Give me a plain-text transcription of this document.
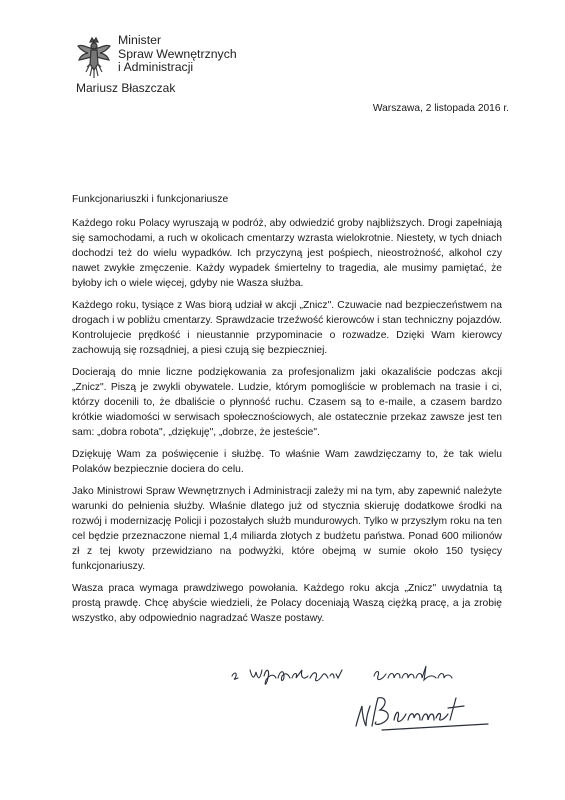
Minister
Spraw Wewnętrznych
i Administracji
Mariusz Błaszczak
Warszawa, 2 listopada 2016 r.
Funkcjonariuszki i funkcjonariusze

Każdego roku Polacy wyruszają w podróż, aby odwiedzić groby najbliższych. Drogi zapełniają się samochodami, a ruch w okolicach cmentarzy wzrasta wielokrotnie. Niestety, w tych dniach dochodzi też do wielu wypadków. Ich przyczyną jest pośpiech, nieostrożność, alkohol czy nawet zwykłe zmęczenie. Każdy wypadek śmiertelny to tragedia, ale musimy pamiętać, że byłoby ich o wiele więcej, gdyby nie Wasza służba.

Każdego roku, tysiące z Was biorą udział w akcji „Znicz". Czuwacie nad bezpieczeństwem na drogach i w pobliżu cmentarzy. Sprawdzacie trzeźwość kierowców i stan techniczny pojazdów. Kontrolujecie prędkość i nieustannie przypominacie o rozwadze. Dzięki Wam kierowcy zachowują się rozsądniej, a piesi czują się bezpieczniej.

Docierają do mnie liczne podziękowania za profesjonalizm jaki okazaliście podczas akcji „Znicz". Piszą je zwykli obywatele. Ludzie, którym pomogliście w problemach na trasie i ci, którzy docenili to, że dbaliście o płynność ruchu. Czasem są to e-maile, a czasem bardzo krótkie wiadomości w serwisach społecznościowych, ale ostatecznie przekaz zawsze jest ten sam: „dobra robota", „dziękuję", „dobrze, że jesteście".

Dziękuję Wam za poświęcenie i służbę. To właśnie Wam zawdzięczamy to, że tak wielu Polaków bezpiecznie dociera do celu.

Jako Ministrowi Spraw Wewnętrznych i Administracji zależy mi na tym, aby zapewnić należyte warunki do pełnienia służby. Właśnie dlatego już od stycznia skieruję dodatkowe środki na rozwój i modernizację Policji i pozostałych służb mundurowych. Tylko w przyszłym roku na ten cel będzie przeznaczone niemal 1,4 miliarda złotych z budżetu państwa. Ponad 600 milionów zł z tej kwoty przewidziano na podwyżki, które obejmą w sumie około 150 tysięcy funkcjonariuszy.

Wasza praca wymaga prawdziwego powołania. Każdego roku akcja „Znicz" uwydatnia tą prostą prawdę. Chcę abyście wiedzieli, że Polacy doceniają Waszą ciężką pracę, a ja zrobię wszystko, aby odpowiednio nagradzać Wasze postawy.
